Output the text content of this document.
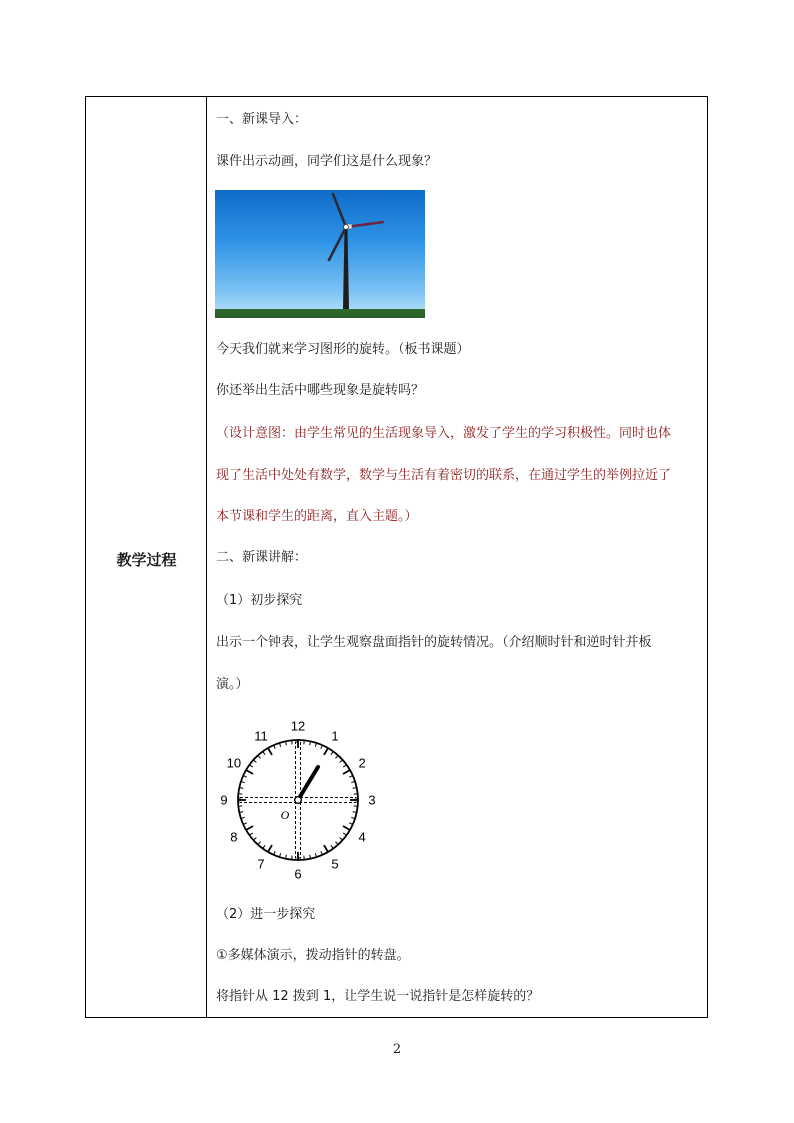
教学过程
一、新课导入：
课件出示动画，同学们这是什么现象？
今天我们就来学习图形的旋转。（板书课题）
你还举出生活中哪些现象是旋转吗？
（设计意图：由学生常见的生活现象导入，激发了学生的学习积极性。同时也体
现了生活中处处有数学，数学与生活有着密切的联系，在通过学生的举例拉近了
本节课和学生的距离，直入主题。）
二、新课讲解：
（1）初步探究
出示一个钟表，让学生观察盘面指针的旋转情况。（介绍顺时针和逆时针并板
演。）
12
1
2
3
4
5
6
7
8
9
10
11
O
（2）进一步探究
①多媒体演示，拨动指针的转盘。
将指针从 12 拨到 1，让学生说一说指针是怎样旋转的？
2
